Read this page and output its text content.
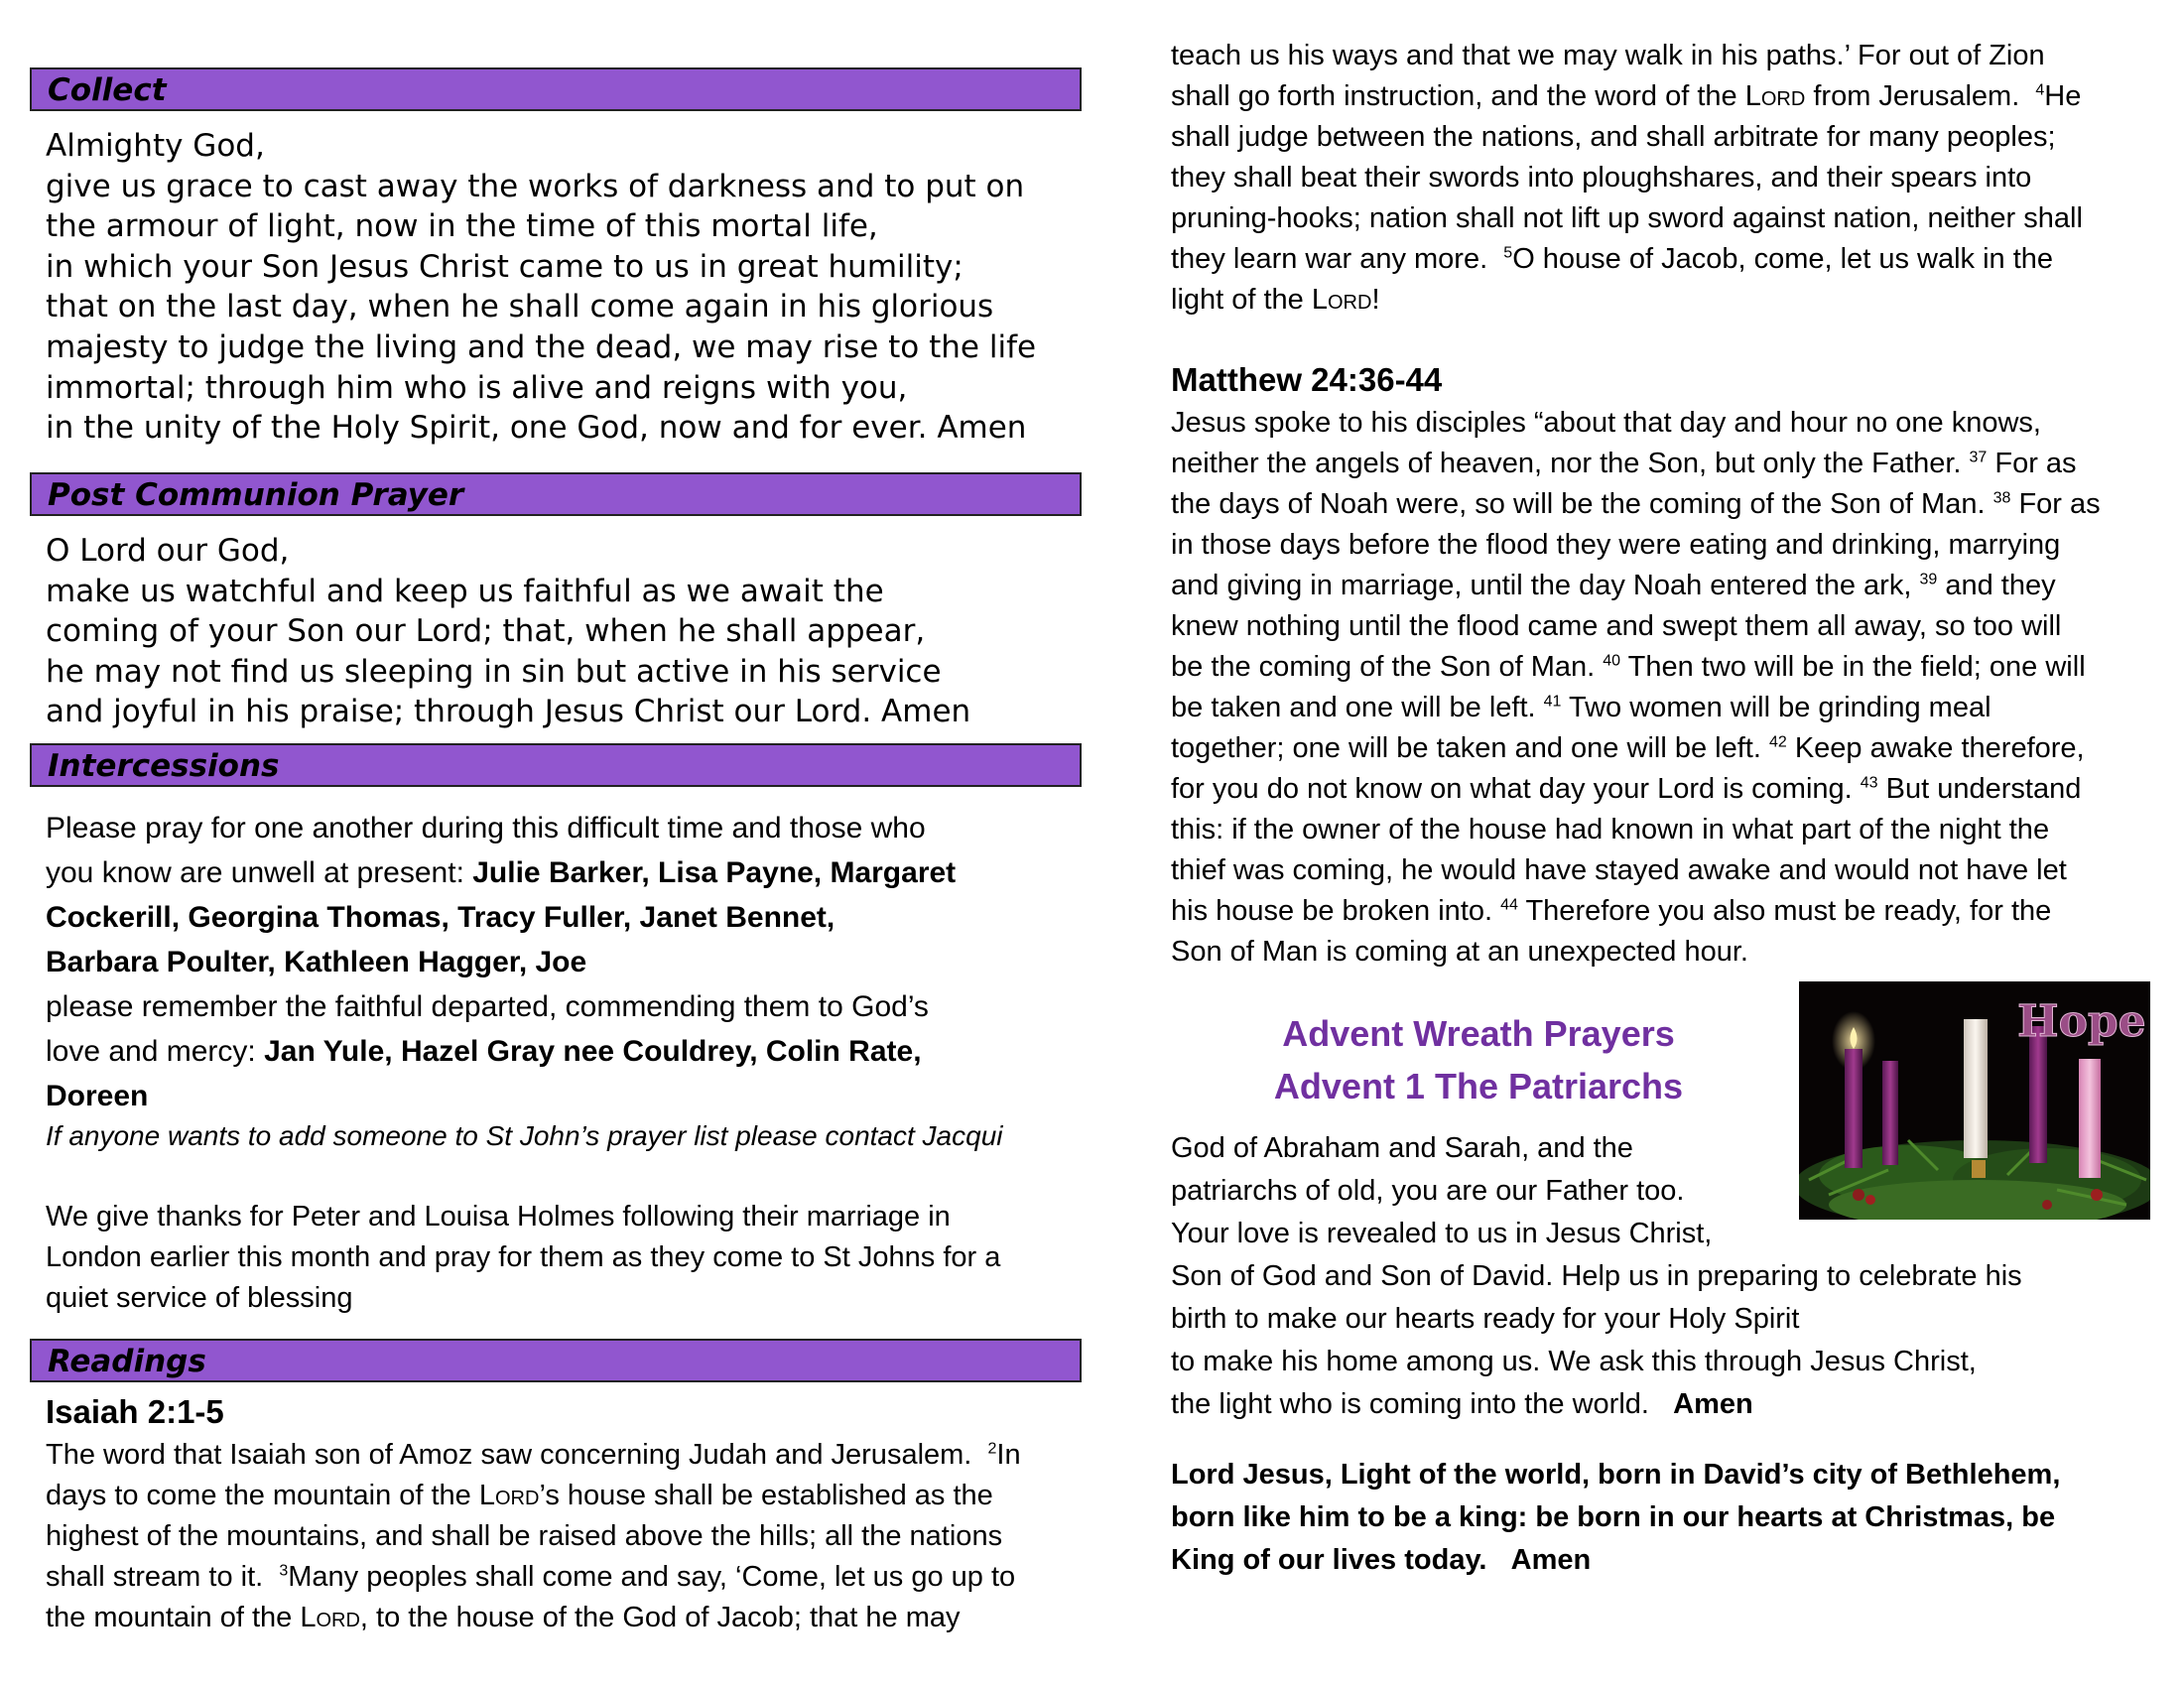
Collect
Almighty God,
give us grace to cast away the works of darkness and to put on
the armour of light, now in the time of this mortal life,
in which your Son Jesus Christ came to us in great humility;
that on the last day, when he shall come again in his glorious
majesty to judge the living and the dead, we may rise to the life
immortal; through him who is alive and reigns with you,
in the unity of the Holy Spirit, one God, now and for ever. Amen
Post Communion Prayer
O Lord our God,
make us watchful and keep us faithful as we await the
coming of your Son our Lord; that, when he shall appear,
he may not find us sleeping in sin but active in his service
and joyful in his praise; through Jesus Christ our Lord. Amen
Intercessions
Please pray for one another during this difficult time and those who
you know are unwell at present: Julie Barker, Lisa Payne, Margaret
Cockerill, Georgina Thomas, Tracy Fuller, Janet Bennet,
Barbara Poulter, Kathleen Hagger, Joe
please remember the faithful departed, commending them to God’s
love and mercy: Jan Yule, Hazel Gray nee Couldrey, Colin Rate,
Doreen
If anyone wants to add someone to St John’s prayer list please contact Jacqui
We give thanks for Peter and Louisa Holmes following their marriage in
London earlier this month and pray for them as they come to St Johns for a
quiet service of blessing
Readings
Isaiah 2:1-5
The word that Isaiah son of Amoz saw concerning Judah and Jerusalem. $^2$In
days to come the mountain of the Lord’s house shall be established as the
highest of the mountains, and shall be raised above the hills; all the nations
shall stream to it. $^3$Many peoples shall come and say, ‘Come, let us go up to
the mountain of the Lord, to the house of the God of Jacob; that he may
teach us his ways and that we may walk in his paths.’ For out of Zion
shall go forth instruction, and the word of the Lord from Jerusalem. $^4$He
shall judge between the nations, and shall arbitrate for many peoples;
they shall beat their swords into ploughshares, and their spears into
pruning-hooks; nation shall not lift up sword against nation, neither shall
they learn war any more. $^5$O house of Jacob, come, let us walk in the
light of the Lord!
Matthew 24:36-44
Jesus spoke to his disciples “about that day and hour no one knows,
neither the angels of heaven, nor the Son, but only the Father. $^{37}$ For as
the days of Noah were, so will be the coming of the Son of Man. $^{38}$ For as
in those days before the flood they were eating and drinking, marrying
and giving in marriage, until the day Noah entered the ark, $^{39}$ and they
knew nothing until the flood came and swept them all away, so too will
be the coming of the Son of Man. $^{40}$ Then two will be in the field; one will
be taken and one will be left. $^{41}$ Two women will be grinding meal
together; one will be taken and one will be left. $^{42}$ Keep awake therefore,
for you do not know on what day your Lord is coming. $^{43}$ But understand
this: if the owner of the house had known in what part of the night the
thief was coming, he would have stayed awake and would not have let
his house be broken into. $^{44}$ Therefore you also must be ready, for the
Son of Man is coming at an unexpected hour.
Advent Wreath Prayers
Advent 1 The Patriarchs
God of Abraham and Sarah, and the
patriarchs of old, you are our Father too.
Your love is revealed to us in Jesus Christ,
Son of God and Son of David. Help us in preparing to celebrate his
birth to make our hearts ready for your Holy Spirit
to make his home among us. We ask this through Jesus Christ,
the light who is coming into the world. Amen
Lord Jesus, Light of the world, born in David’s city of Bethlehem,
born like him to be a king: be born in our hearts at Christmas, be
King of our lives today. Amen
Hope
